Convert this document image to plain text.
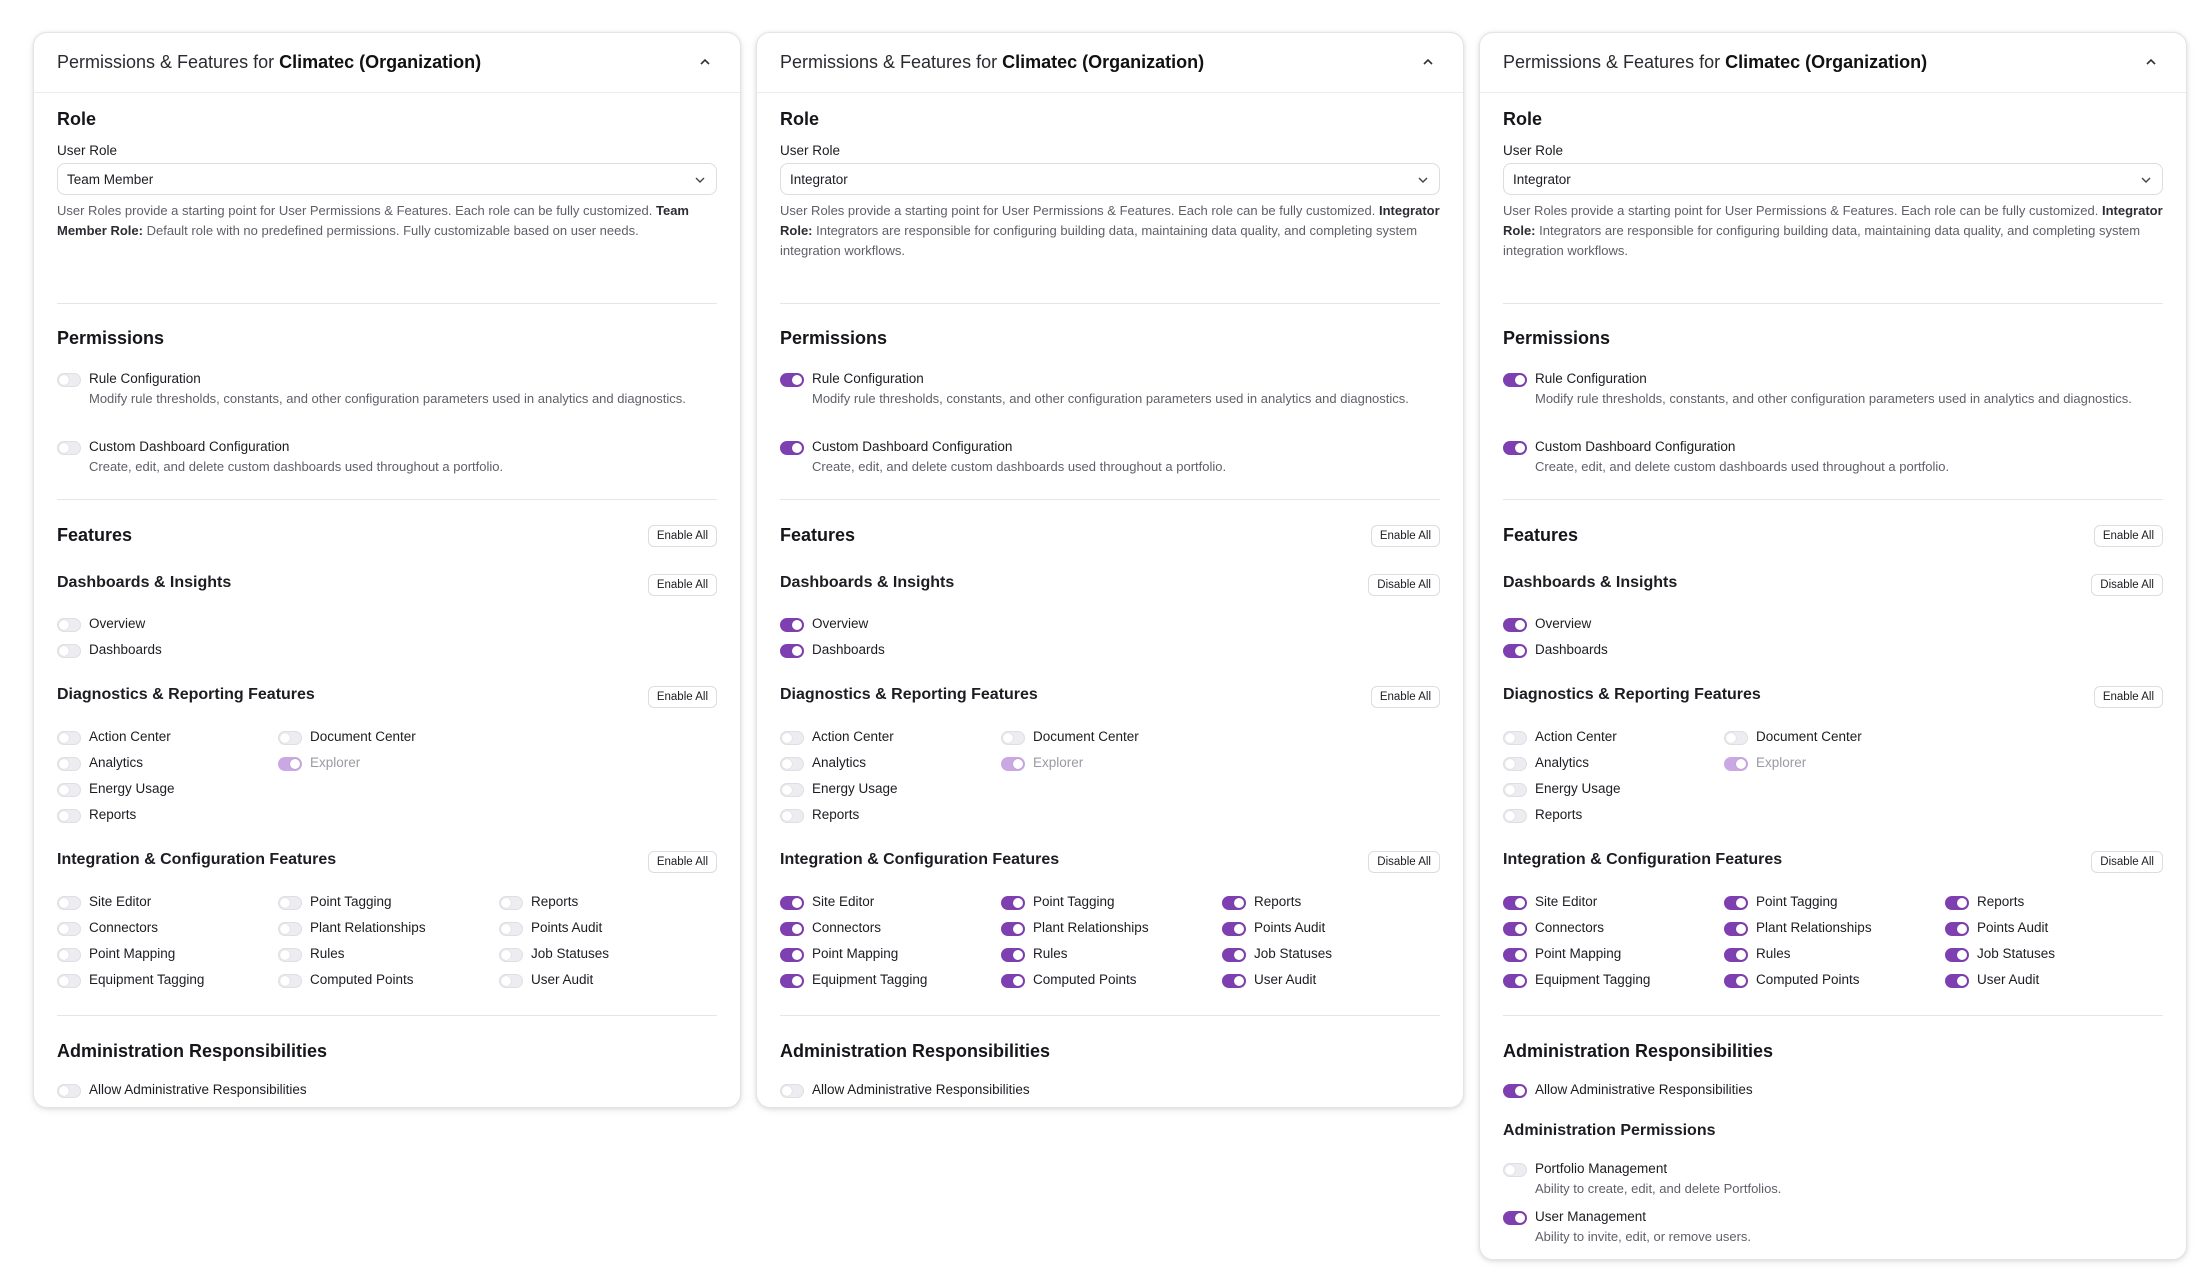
Permissions & Features for Climatec (Organization)
Role
User Role
Team Member
User Roles provide a starting point for User Permissions & Features. Each role can be fully customized. Team Member Role: Default role with no predefined permissions. Fully customizable based on user needs.
Permissions
Rule Configuration
Modify rule thresholds, constants, and other configuration parameters used in analytics and diagnostics.
Custom Dashboard Configuration
Create, edit, and delete custom dashboards used throughout a portfolio.
Features	Enable All
Dashboards & Insights	Enable All
Overview
Dashboards
Diagnostics & Reporting Features	Enable All
Action Center
Analytics
Energy Usage
Reports
Document Center
Explorer
Integration & Configuration Features	Enable All
Site Editor
Connectors
Point Mapping
Equipment Tagging
Point Tagging
Plant Relationships
Rules
Computed Points
Reports
Points Audit
Job Statuses
User Audit
Administration Responsibilities
Allow Administrative Responsibilities
Permissions & Features for Climatec (Organization)
Role
User Role
Integrator
User Roles provide a starting point for User Permissions & Features. Each role can be fully customized. Integrator Role: Integrators are responsible for configuring building data, maintaining data quality, and completing system integration workflows.
Permissions
Rule Configuration
Modify rule thresholds, constants, and other configuration parameters used in analytics and diagnostics.
Custom Dashboard Configuration
Create, edit, and delete custom dashboards used throughout a portfolio.
Features	Enable All
Dashboards & Insights	Disable All
Overview
Dashboards
Diagnostics & Reporting Features	Enable All
Action Center
Analytics
Energy Usage
Reports
Document Center
Explorer
Integration & Configuration Features	Disable All
Site Editor
Connectors
Point Mapping
Equipment Tagging
Point Tagging
Plant Relationships
Rules
Computed Points
Reports
Points Audit
Job Statuses
User Audit
Administration Responsibilities
Allow Administrative Responsibilities
Permissions & Features for Climatec (Organization)
Role
User Role
Integrator
User Roles provide a starting point for User Permissions & Features. Each role can be fully customized. Integrator Role: Integrators are responsible for configuring building data, maintaining data quality, and completing system integration workflows.
Permissions
Rule Configuration
Modify rule thresholds, constants, and other configuration parameters used in analytics and diagnostics.
Custom Dashboard Configuration
Create, edit, and delete custom dashboards used throughout a portfolio.
Features	Enable All
Dashboards & Insights	Disable All
Overview
Dashboards
Diagnostics & Reporting Features	Enable All
Action Center
Analytics
Energy Usage
Reports
Document Center
Explorer
Integration & Configuration Features	Disable All
Site Editor
Connectors
Point Mapping
Equipment Tagging
Point Tagging
Plant Relationships
Rules
Computed Points
Reports
Points Audit
Job Statuses
User Audit
Administration Responsibilities
Allow Administrative Responsibilities
Administration Permissions
Portfolio Management
Ability to create, edit, and delete Portfolios.
User Management
Ability to invite, edit, or remove users.
